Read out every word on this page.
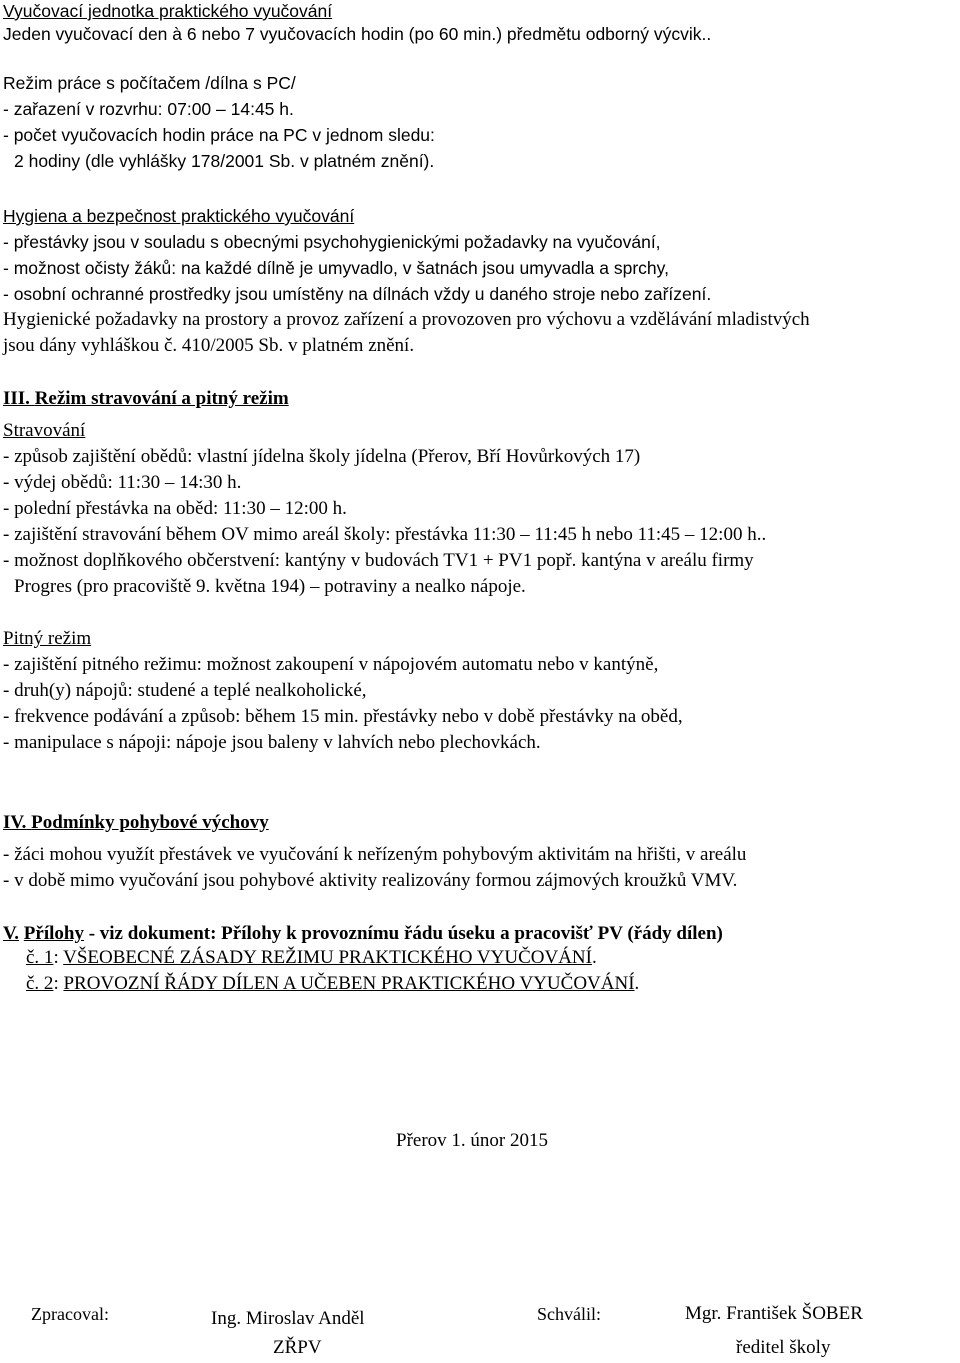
Vyučovací jednotka praktického vyučování
Jeden vyučovací den à 6 nebo 7 vyučovacích hodin (po 60 min.) předmětu odborný výcvik..
Režim práce s počítačem /dílna s PC/
- zařazení v rozvrhu: 07:00 – 14:45 h.
- počet vyučovacích hodin práce na PC v jednom sledu:
2 hodiny (dle vyhlášky 178/2001 Sb. v platném znění).
Hygiena a bezpečnost praktického vyučování
- přestávky jsou v souladu s obecnými psychohygienickými požadavky na vyučování,
- možnost očisty žáků: na každé dílně je umyvadlo, v šatnách jsou umyvadla a sprchy,
- osobní ochranné prostředky jsou umístěny na dílnách vždy u daného stroje nebo zařízení.
Hygienické požadavky na prostory a provoz zařízení a provozoven pro výchovu a vzdělávání mladistvých
jsou dány vyhláškou č. 410/2005 Sb. v platném znění.
III. Režim stravování a pitný režim
Stravování
- způsob zajištění obědů: vlastní jídelna školy jídelna (Přerov, Bří Hovůrkových 17)
- výdej obědů: 11:30 – 14:30 h.
- polední přestávka na oběd: 11:30 – 12:00 h.
- zajištění stravování během OV mimo areál školy: přestávka 11:30 – 11:45 h nebo 11:45 – 12:00 h..
- možnost doplňkového občerstvení: kantýny v budovách TV1 + PV1 popř. kantýna v areálu firmy
Progres (pro pracoviště 9. května 194) – potraviny a nealko nápoje.
Pitný režim
- zajištění pitného režimu: možnost zakoupení v nápojovém automatu nebo v kantýně,
- druh(y) nápojů: studené a teplé nealkoholické,
- frekvence podávání a způsob: během 15 min. přestávky nebo v době přestávky na oběd,
- manipulace s nápoji: nápoje jsou baleny v lahvích nebo plechovkách.
IV. Podmínky pohybové výchovy
- žáci mohou využít přestávek ve vyučování k neřízeným pohybovým aktivitám na hřišti, v areálu
- v době mimo vyučování jsou pohybové aktivity realizovány formou zájmových kroužků VMV.
V. Přílohy - viz dokument: Přílohy k provoznímu řádu úseku a pracovišť PV (řády dílen)
č. 1: VŠEOBECNÉ ZÁSADY REŽIMU PRAKTICKÉHO VYUČOVÁNÍ.
č. 2: PROVOZNÍ ŘÁDY DÍLEN A UČEBEN PRAKTICKÉHO VYUČOVÁNÍ.
Přerov 1. únor 2015
Zpracoval:	Ing. Miroslav Anděl
ZŘPV
Schválil:	Mgr. František ŠOBER
ředitel školy
